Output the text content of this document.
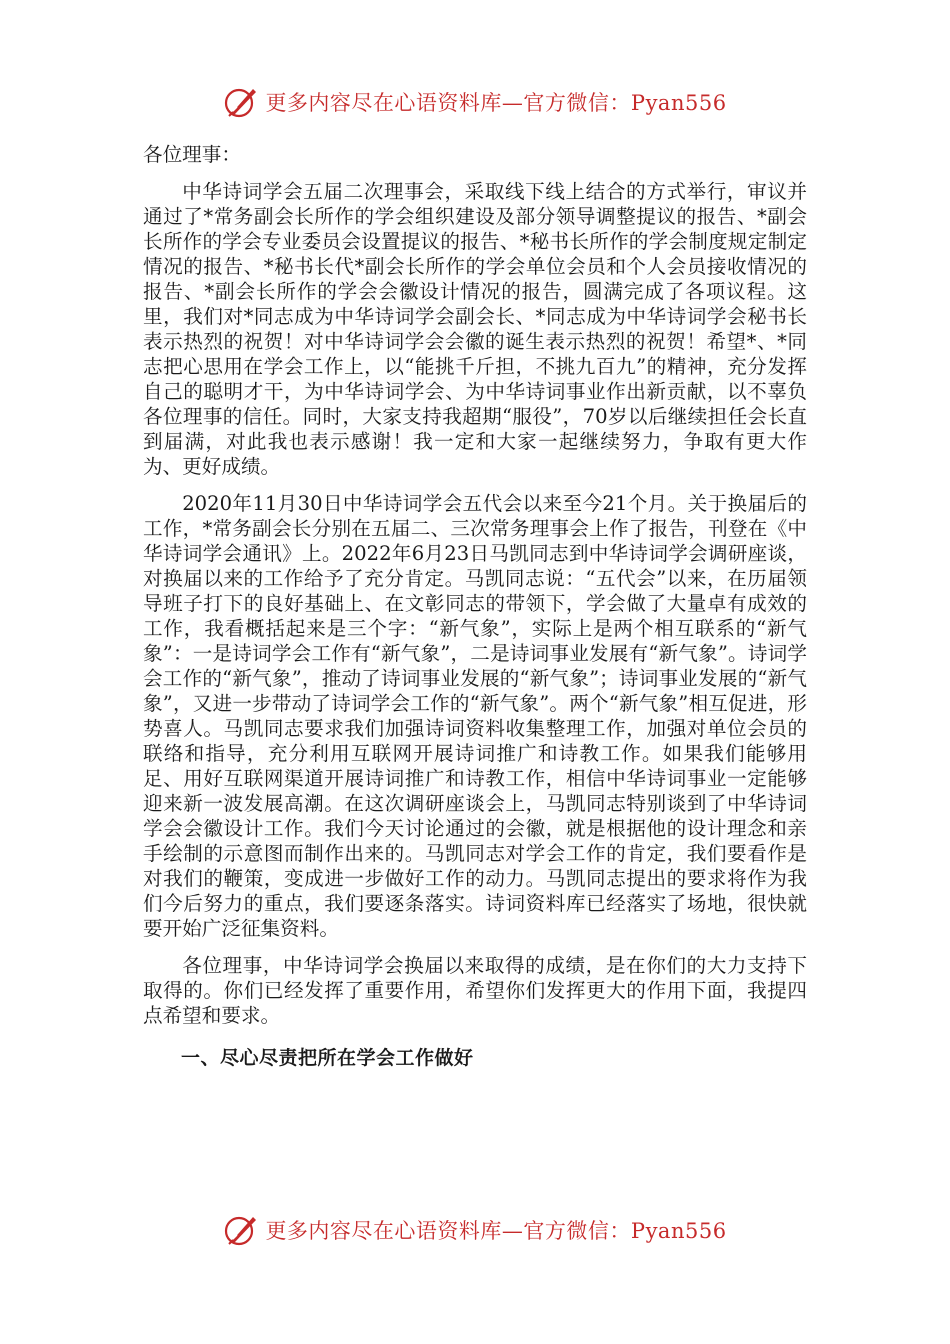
更多内容尽在心语资料库—官方微信：Pyan556

各位理事：

中华诗词学会五届二次理事会，采取线下线上结合的方式举行，审议并通过了*常务副会长所作的学会组织建设及部分领导调整提议的报告、*副会长所作的学会专业委员会设置提议的报告、*秘书长所作的学会制度规定制定情况的报告、*秘书长代*副会长所作的学会单位会员和个人会员接收情况的报告、*副会长所作的学会会徽设计情况的报告，圆满完成了各项议程。这里，我们对*同志成为中华诗词学会副会长、*同志成为中华诗词学会秘书长表示热烈的祝贺！对中华诗词学会会徽的诞生表示热烈的祝贺！希望*、*同志把心思用在学会工作上，以“能挑千斤担，不挑九百九”的精神，充分发挥自己的聪明才干，为中华诗词学会、为中华诗词事业作出新贡献，以不辜负各位理事的信任。同时，大家支持我超期“服役”，70岁以后继续担任会长直到届满，对此我也表示感谢！我一定和大家一起继续努力，争取有更大作为、更好成绩。

2020年11月30日中华诗词学会五代会以来至今21个月。关于换届后的工作，*常务副会长分别在五届二、三次常务理事会上作了报告，刊登在《中华诗词学会通讯》上。2022年6月23日马凯同志到中华诗词学会调研座谈，对换届以来的工作给予了充分肯定。马凯同志说：“五代会”以来，在历届领导班子打下的良好基础上、在文彰同志的带领下，学会做了大量卓有成效的工作，我看概括起来是三个字：“新气象”，实际上是两个相互联系的“新气象”：一是诗词学会工作有“新气象”，二是诗词事业发展有“新气象”。诗词学会工作的“新气象”，推动了诗词事业发展的“新气象”；诗词事业发展的“新气象”，又进一步带动了诗词学会工作的“新气象”。两个“新气象”相互促进，形势喜人。马凯同志要求我们加强诗词资料收集整理工作，加强对单位会员的联络和指导，充分利用互联网开展诗词推广和诗教工作。如果我们能够用足、用好互联网渠道开展诗词推广和诗教工作，相信中华诗词事业一定能够迎来新一波发展高潮。在这次调研座谈会上，马凯同志特别谈到了中华诗词学会会徽设计工作。我们今天讨论通过的会徽，就是根据他的设计理念和亲手绘制的示意图而制作出来的。马凯同志对学会工作的肯定，我们要看作是对我们的鞭策，变成进一步做好工作的动力。马凯同志提出的要求将作为我们今后努力的重点，我们要逐条落实。诗词资料库已经落实了场地，很快就要开始广泛征集资料。

各位理事，中华诗词学会换届以来取得的成绩，是在你们的大力支持下取得的。你们已经发挥了重要作用，希望你们发挥更大的作用下面，我提四点希望和要求。

一、尽心尽责把所在学会工作做好

更多内容尽在心语资料库—官方微信：Pyan556
